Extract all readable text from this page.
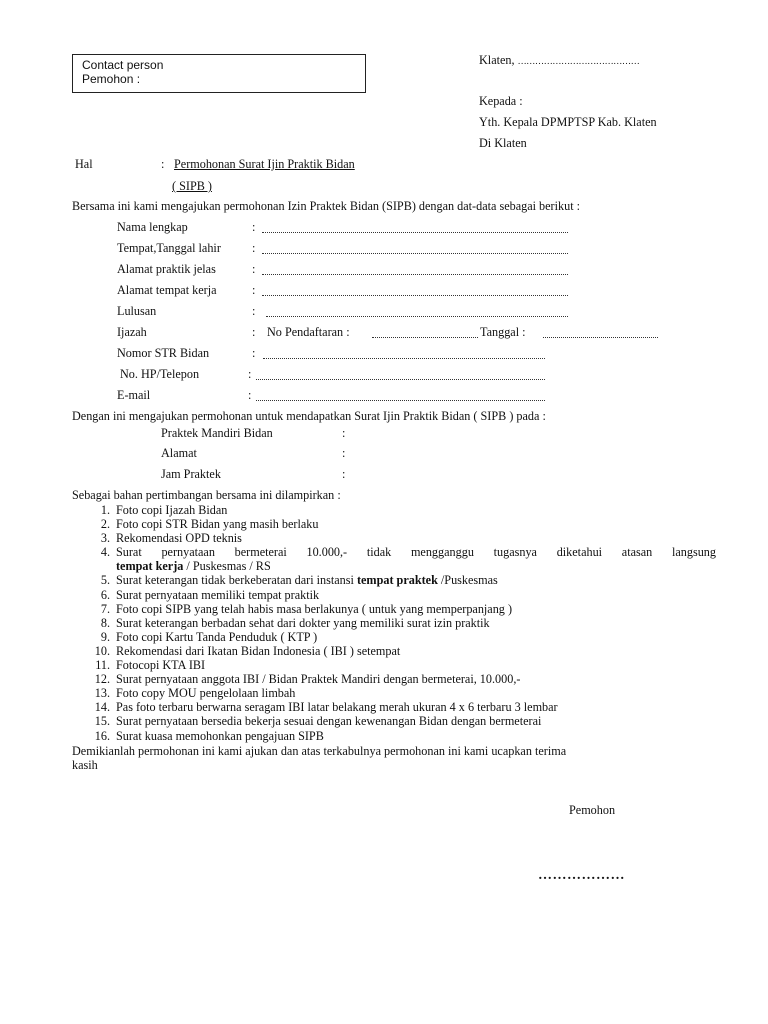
Contact person
Pemohon :
Klaten, ……………………………………
Kepada :
Yth. Kepala DPMPTSP Kab. Klaten
Di Klaten
Hal	: Permohonan Surat Ijin Praktik Bidan
( SIPB )
Bersama ini kami mengajukan permohonan Izin Praktek Bidan (SIPB) dengan dat-data sebagai berikut :
Nama lengkap	:
Tempat,Tanggal lahir	:
Alamat praktik jelas	:
Alamat tempat kerja	:
Lulusan	:
Ijazah	: No Pendaftaran :	Tanggal :
Nomor STR Bidan	:
No. HP/Telepon	:
E-mail	:
Dengan ini mengajukan permohonan untuk mendapatkan Surat Ijin Praktik Bidan ( SIPB ) pada :
Praktek Mandiri Bidan	:
Alamat	:
Jam Praktek	:
Sebagai bahan pertimbangan bersama ini dilampirkan :
1. Foto copi Ijazah Bidan
2. Foto copi STR Bidan yang masih berlaku
3. Rekomendasi OPD teknis
4. Surat pernyataan bermeterai 10.000,- tidak mengganggu tugasnya diketahui atasan langsung
tempat kerja / Puskesmas / RS
5. Surat keterangan tidak berkeberatan dari instansi tempat praktek /Puskesmas
6. Surat pernyataan memiliki tempat praktik
7. Foto copi SIPB yang telah habis masa berlakunya ( untuk yang memperpanjang )
8. Surat keterangan berbadan sehat dari dokter yang memiliki surat izin praktik
9. Foto copi Kartu Tanda Penduduk ( KTP )
10. Rekomendasi dari Ikatan Bidan Indonesia ( IBI ) setempat
11. Fotocopi KTA IBI
12. Surat pernyataan anggota IBI / Bidan Praktek Mandiri dengan bermeterai, 10.000,-
13. Foto copy MOU pengelolaan limbah
14. Pas foto terbaru berwarna seragam IBI latar belakang merah ukuran 4 x 6 terbaru 3 lembar
15. Surat pernyataan bersedia bekerja sesuai dengan kewenangan Bidan dengan bermeterai
16. Surat kuasa memohonkan pengajuan SIPB
Demikianlah permohonan ini kami ajukan dan atas terkabulnya permohonan ini kami ucapkan terima
kasih
Pemohon
………………
